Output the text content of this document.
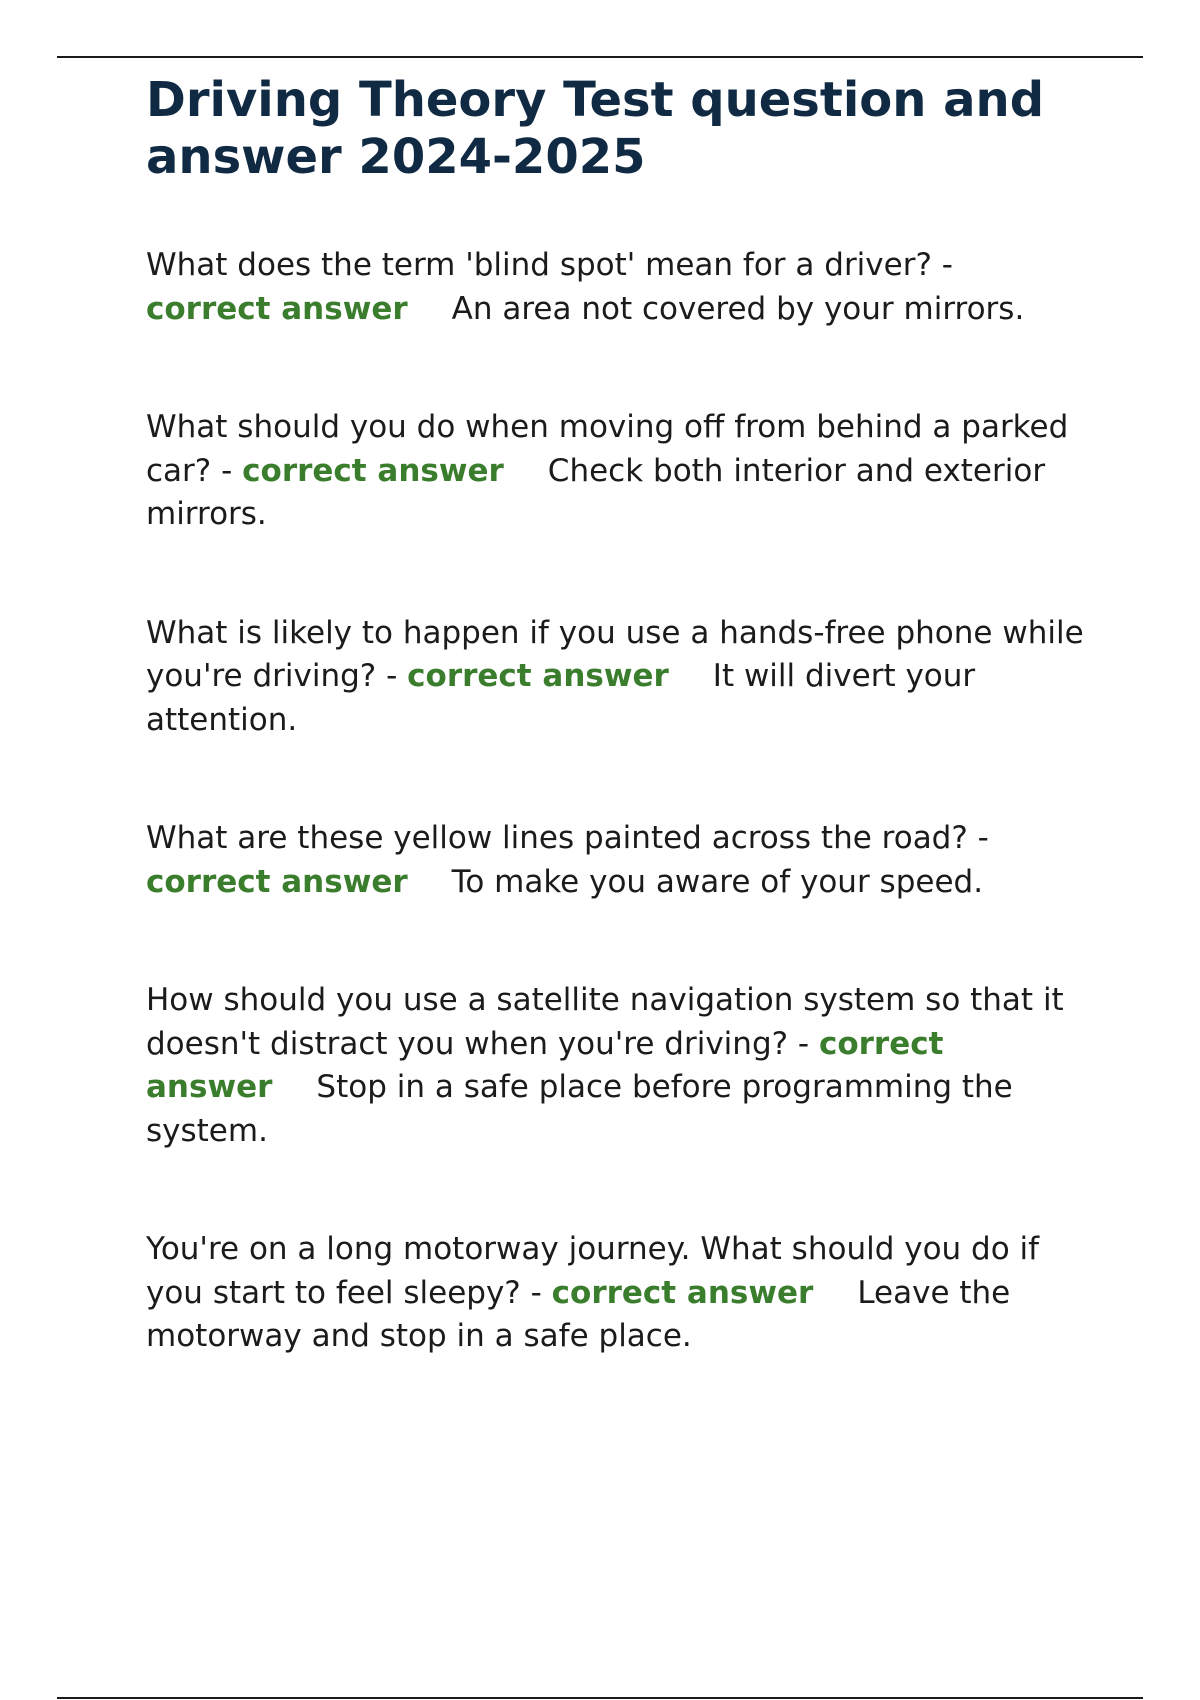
Driving Theory Test question and answer 2024-2025
What does the term 'blind spot' mean for a driver? - correct answer An area not covered by your mirrors.
What should you do when moving off from behind a parked car? - correct answer Check both interior and exterior mirrors.
What is likely to happen if you use a hands-free phone while you're driving? - correct answer It will divert your attention.
What are these yellow lines painted across the road? - correct answer To make you aware of your speed.
How should you use a satellite navigation system so that it doesn't distract you when you're driving? - correct answer Stop in a safe place before programming the system.
You're on a long motorway journey. What should you do if you start to feel sleepy? - correct answer Leave the motorway and stop in a safe place.
